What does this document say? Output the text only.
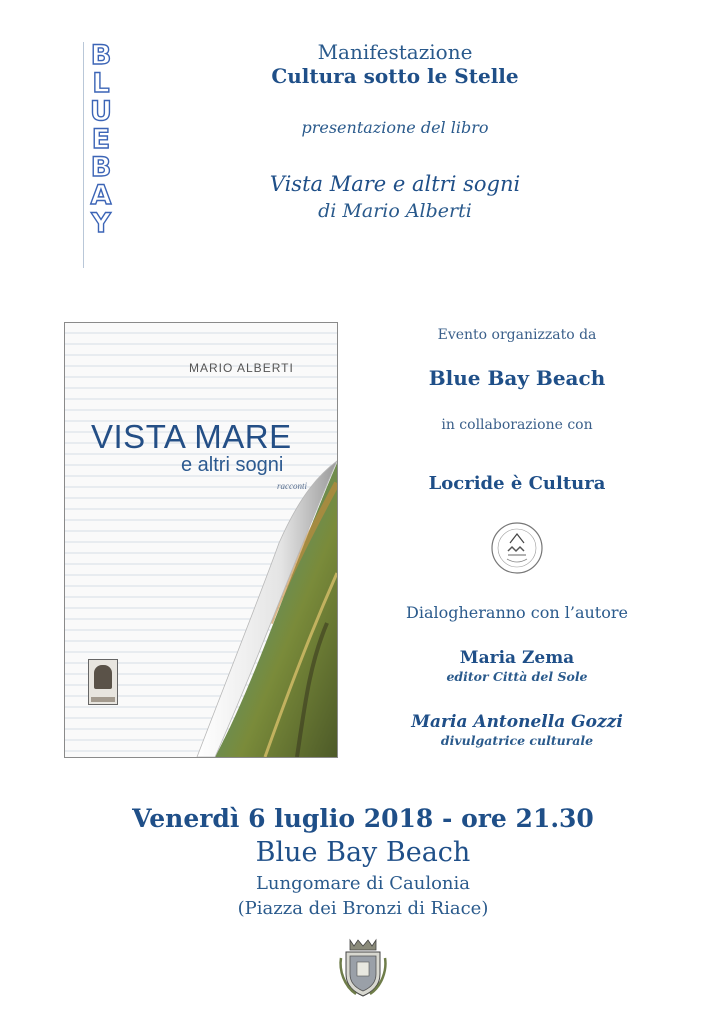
B
L
U
E
B
A
Y
Manifestazione
Cultura sotto le Stelle
presentazione del libro
Vista Mare e altri sogni
di Mario Alberti
MARIO ALBERTI
VISTA MARE
e altri sogni
racconti
Evento organizzato da
Blue Bay Beach
in collaborazione con
Locride è Cultura
Dialogheranno con l’autore
Maria Zema
editor Città del Sole
Maria Antonella Gozzi
divulgatrice culturale
Venerdì 6 luglio 2018 - ore 21.30
Blue Bay Beach
Lungomare di Caulonia
(Piazza dei Bronzi di Riace)
